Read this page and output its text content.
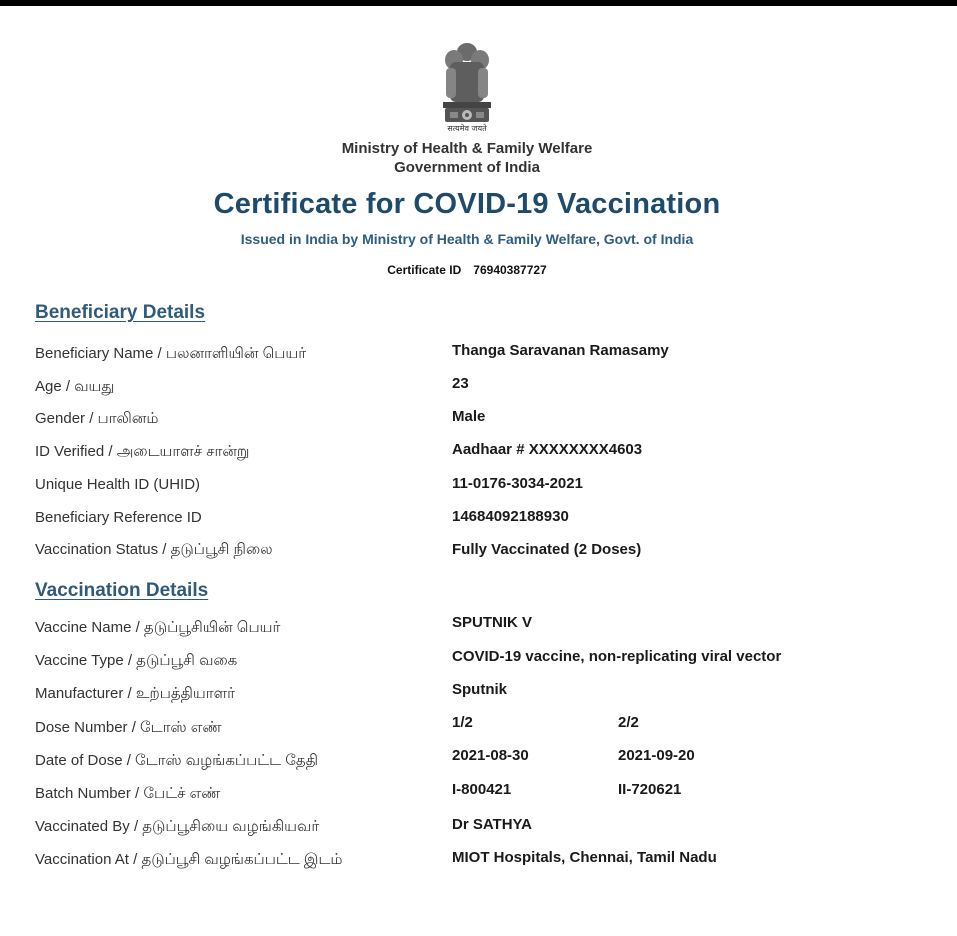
सत्यमेव जयते
Ministry of Health & Family Welfare
Government of India
Certificate for COVID-19 Vaccination
Issued in India by Ministry of Health & Family Welfare, Govt. of India
Certificate ID 76940387727
Beneficiary Details
Beneficiary Name / பலனாளியின் பெயர்	Thanga Saravanan Ramasamy
Age / வயது	23
Gender / பாலினம்	Male
ID Verified / அடையாளச் சான்று	Aadhaar # XXXXXXXX4603
Unique Health ID (UHID)	11-0176-3034-2021
Beneficiary Reference ID	14684092188930
Vaccination Status / தடுப்பூசி நிலை	Fully Vaccinated (2 Doses)
Vaccination Details
Vaccine Name / தடுப்பூசியின் பெயர்	SPUTNIK V
Vaccine Type / தடுப்பூசி வகை	COVID-19 vaccine, non-replicating viral vector
Manufacturer / உற்பத்தியாளர்	Sputnik
Dose Number / டோஸ் எண்	1/2	2/2
Date of Dose / டோஸ் வழங்கப்பட்ட தேதி	2021-08-30	2021-09-20
Batch Number / பேட்ச் எண்	I-800421	II-720621
Vaccinated By / தடுப்பூசியை வழங்கியவர்	Dr SATHYA
Vaccination At / தடுப்பூசி வழங்கப்பட்ட இடம்	MIOT Hospitals, Chennai, Tamil Nadu
